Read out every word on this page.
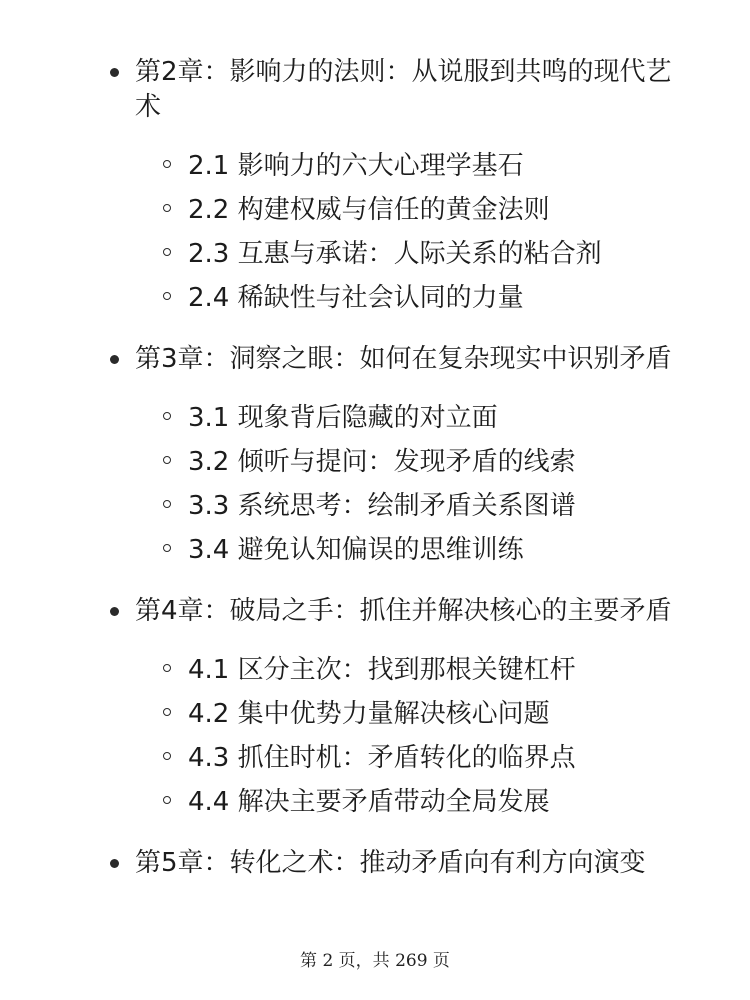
第2章：影响力的法则：从说服到共鸣的现代艺术
2.1 影响力的六大心理学基石
2.2 构建权威与信任的黄金法则
2.3 互惠与承诺：人际关系的粘合剂
2.4 稀缺性与社会认同的力量
第3章：洞察之眼：如何在复杂现实中识别矛盾
3.1 现象背后隐藏的对立面
3.2 倾听与提问：发现矛盾的线索
3.3 系统思考：绘制矛盾关系图谱
3.4 避免认知偏误的思维训练
第4章：破局之手：抓住并解决核心的主要矛盾
4.1 区分主次：找到那根关键杠杆
4.2 集中优势力量解决核心问题
4.3 抓住时机：矛盾转化的临界点
4.4 解决主要矛盾带动全局发展
第5章：转化之术：推动矛盾向有利方向演变
第 2 页，共 269 页
